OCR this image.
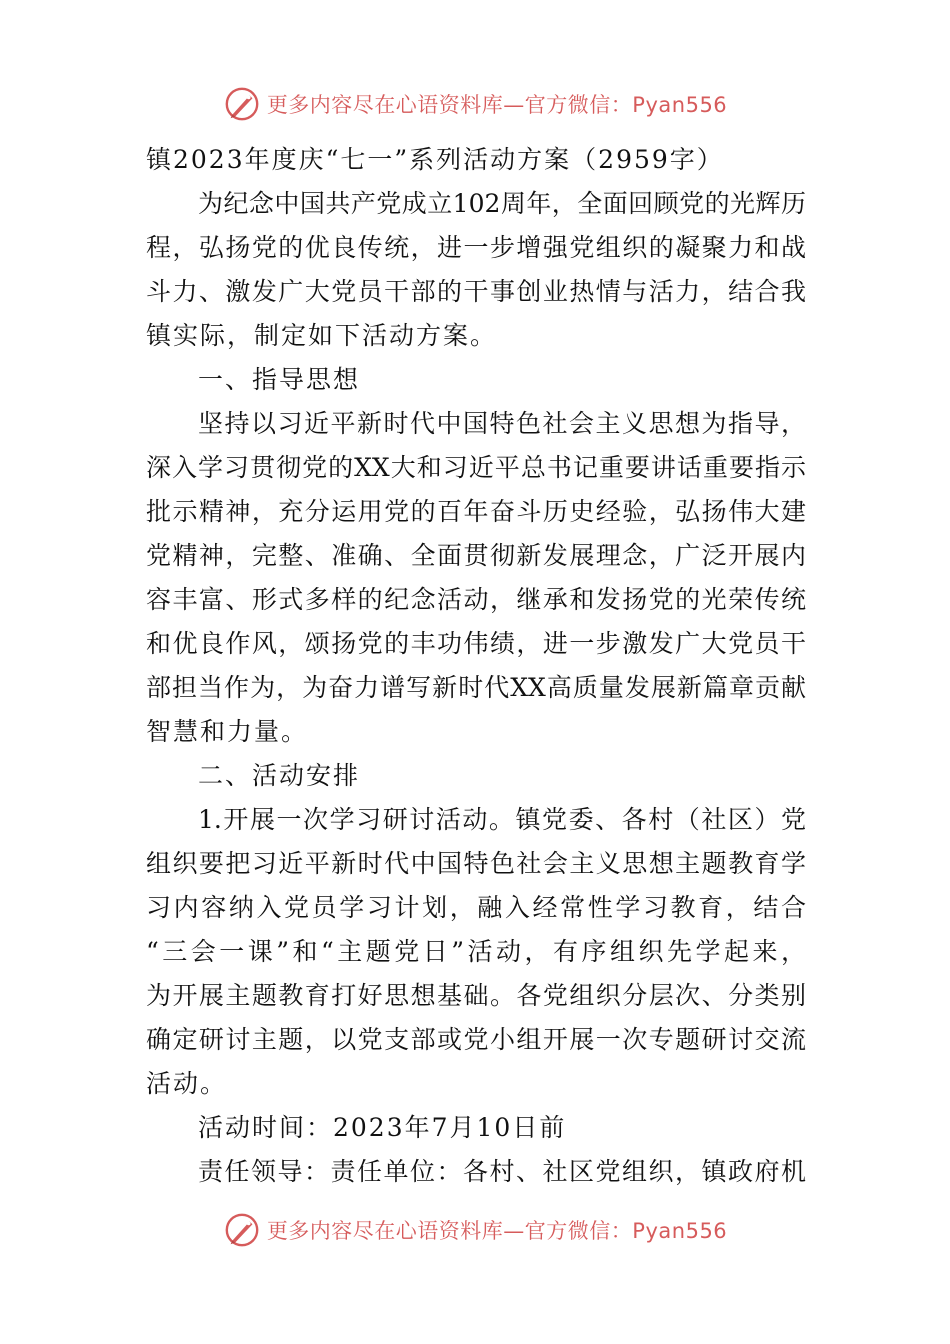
更多内容尽在心语资料库—官方微信：Pyan556
镇2023年度庆“七一”系列活动方案（2959字）
为纪念中国共产党成立102周年，全面回顾党的光辉历
程，弘扬党的优良传统，进一步增强党组织的凝聚力和战
斗力、激发广大党员干部的干事创业热情与活力，结合我
镇实际，制定如下活动方案。
一、指导思想
坚持以习近平新时代中国特色社会主义思想为指导，
深入学习贯彻党的XX大和习近平总书记重要讲话重要指示
批示精神，充分运用党的百年奋斗历史经验，弘扬伟大建
党精神，完整、准确、全面贯彻新发展理念，广泛开展内
容丰富、形式多样的纪念活动，继承和发扬党的光荣传统
和优良作风，颂扬党的丰功伟绩，进一步激发广大党员干
部担当作为，为奋力谱写新时代XX高质量发展新篇章贡献
智慧和力量。
二、活动安排
1.开展一次学习研讨活动。镇党委、各村（社区）党
组织要把习近平新时代中国特色社会主义思想主题教育学
习内容纳入党员学习计划，融入经常性学习教育，结合
“三会一课”和“主题党日”活动，有序组织先学起来，
为开展主题教育打好思想基础。各党组织分层次、分类别
确定研讨主题，以党支部或党小组开展一次专题研讨交流
活动。
活动时间：2023年7月10日前
责任领导：责任单位：各村、社区党组织，镇政府机
更多内容尽在心语资料库—官方微信：Pyan556
